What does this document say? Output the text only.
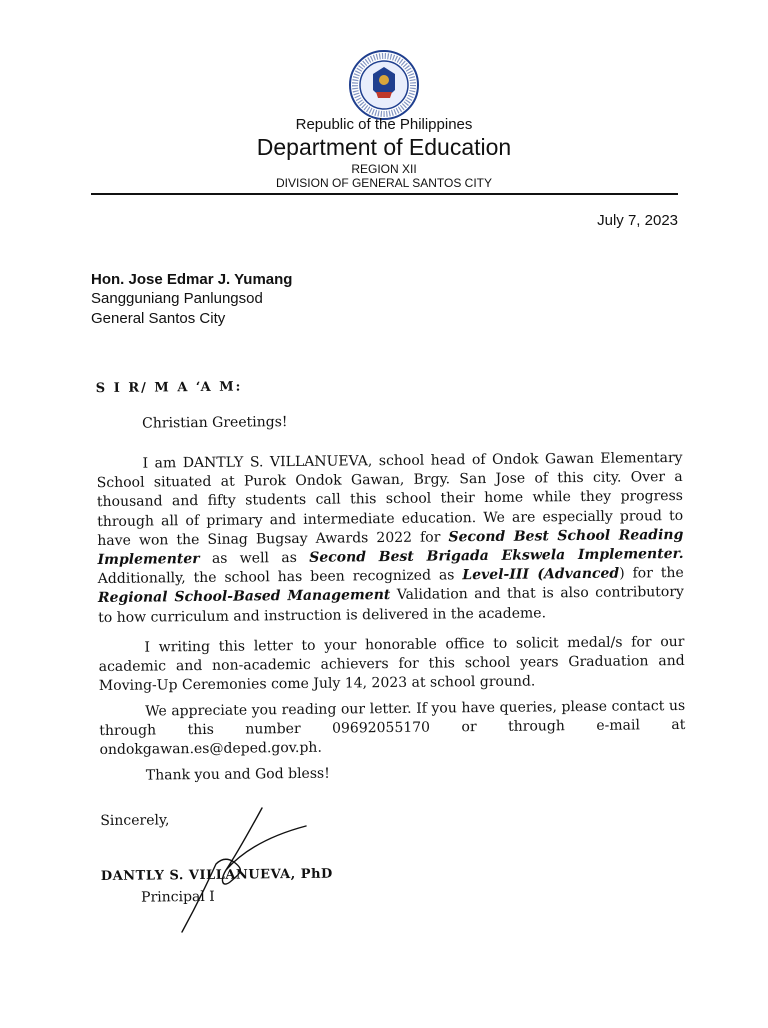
Republic of the Philippines
Department of Education
REGION XII
DIVISION OF GENERAL SANTOS CITY
July 7, 2023
Hon. Jose Edmar J. Yumang
Sangguniang Panlungsod
General Santos City
S I R/ M A ‘A M:
Christian Greetings!
I am DANTLY S. VILLANUEVA, school head of Ondok Gawan Elementary School situated at Purok Ondok Gawan, Brgy. San Jose of this city. Over a thousand and fifty students call this school their home while they progress through all of primary and intermediate education. We are especially proud to have won the Sinag Bugsay Awards 2022 for Second Best School Reading Implementer as well as Second Best Brigada Ekswela Implementer. Additionally, the school has been recognized as Level-III (Advanced) for the Regional School-Based Management Validation and that is also contributory to how curriculum and instruction is delivered in the academe.
I writing this letter to your honorable office to solicit medal/s for our academic and non-academic achievers for this school years Graduation and Moving-Up Ceremonies come July 14, 2023 at school ground.
We appreciate you reading our letter. If you have queries, please contact us through this number 09692055170 or through e-mail at ondokgawan.es@deped.gov.ph.
Thank you and God bless!
Sincerely,
DANTLY S. VILLANUEVA, PhD
Principal I
